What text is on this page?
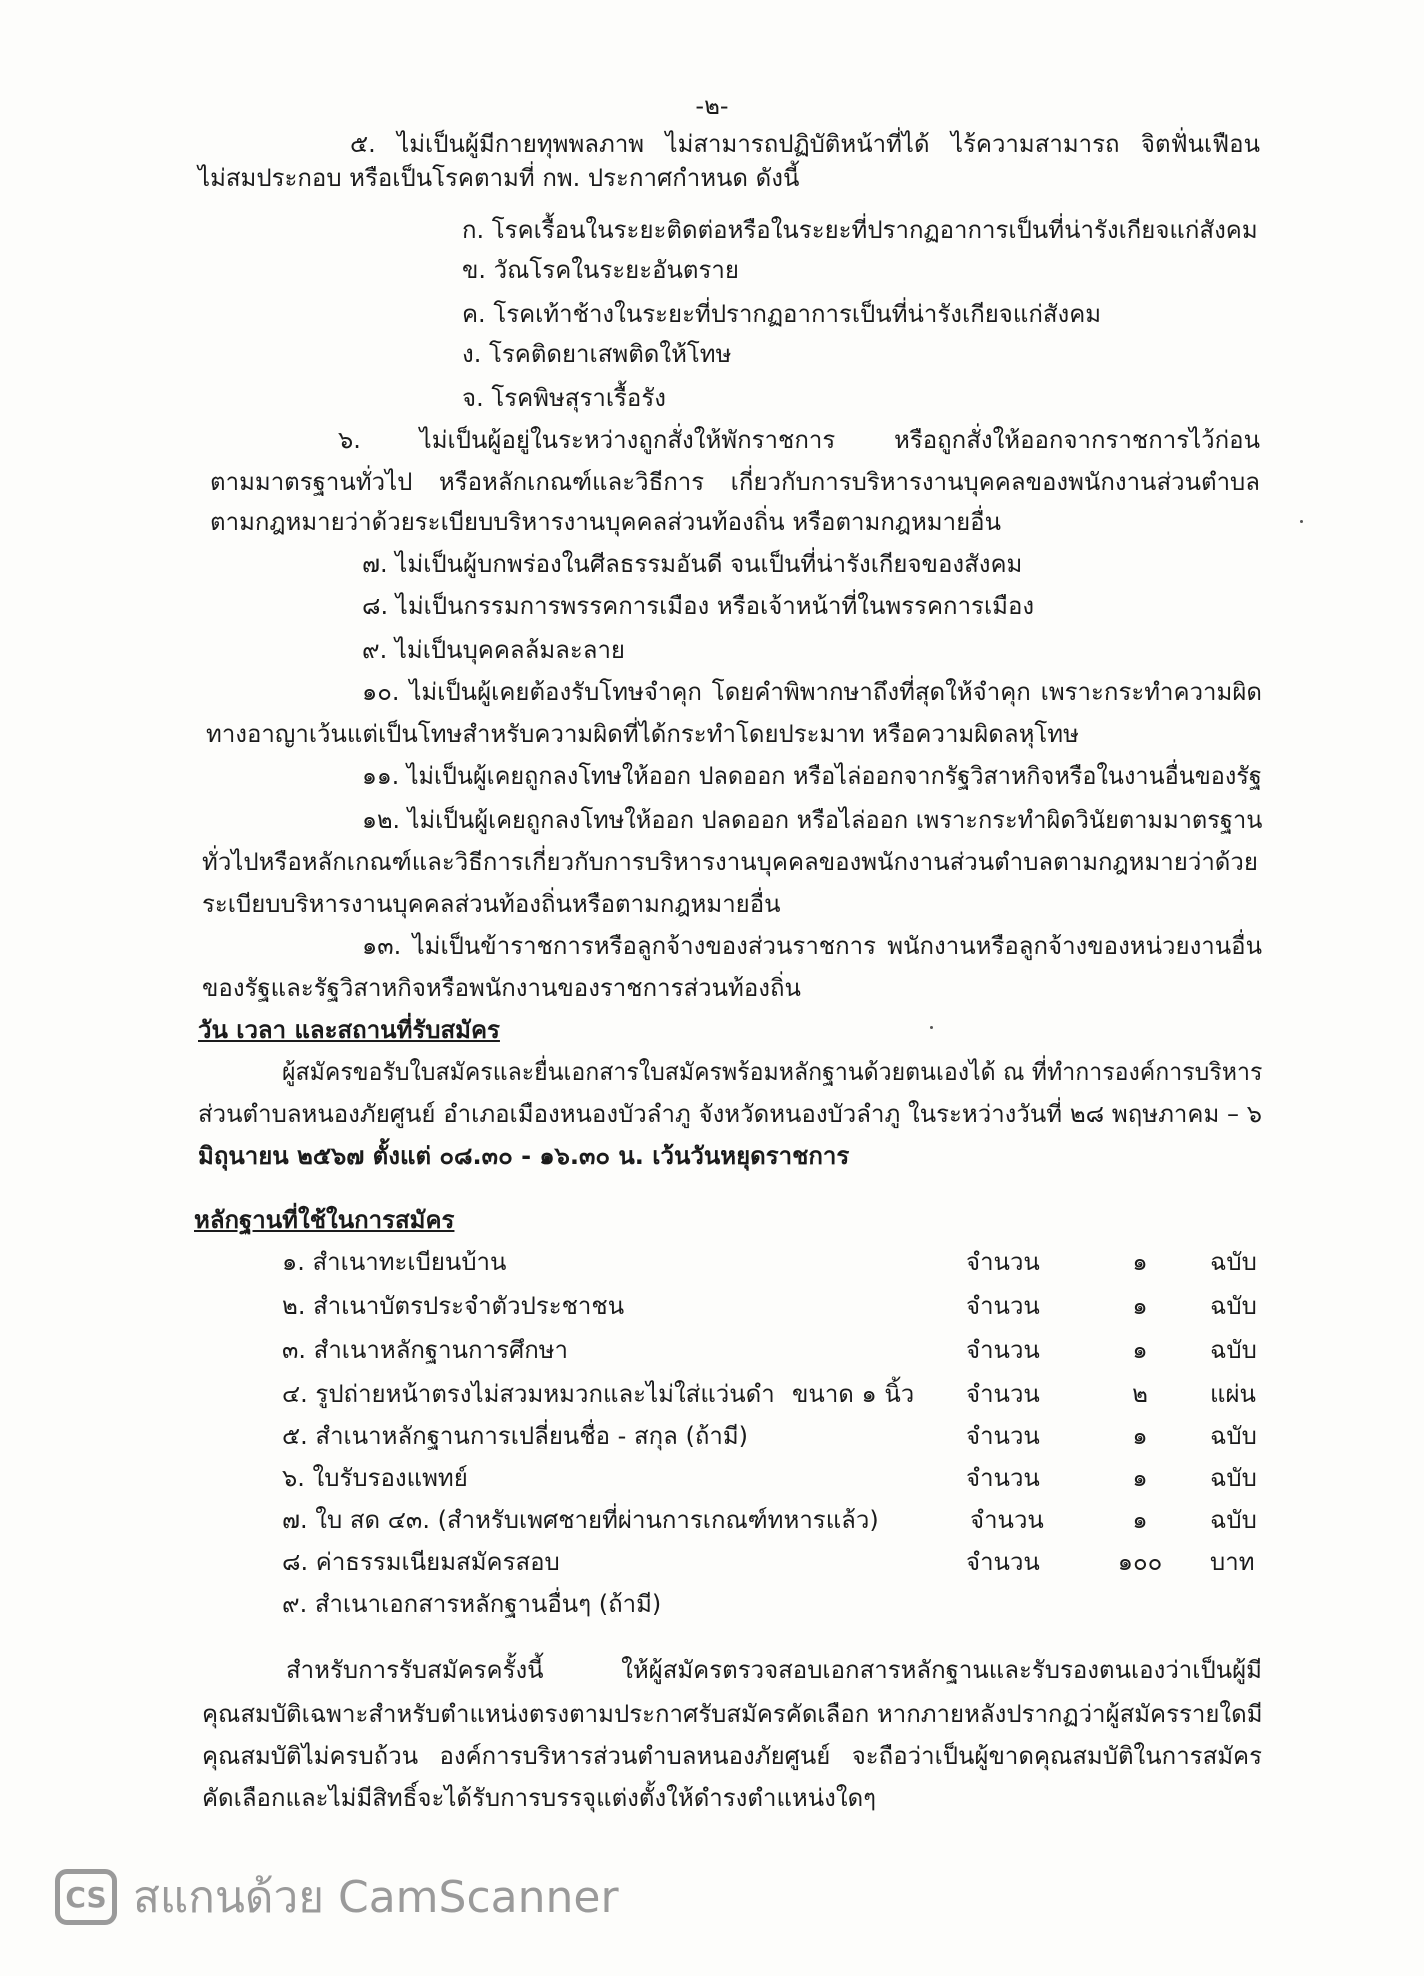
-๒-
๕. ไม่เป็นผู้มีกายทุพพลภาพ ไม่สามารถปฏิบัติหน้าที่ได้ ไร้ความสามารถ จิตฟั่นเฟือน
ไม่สมประกอบ หรือเป็นโรคตามที่ กพ. ประกาศกำหนด ดังนี้
ก. โรคเรื้อนในระยะติดต่อหรือในระยะที่ปรากฏอาการเป็นที่น่ารังเกียจแก่สังคม
ข. วัณโรคในระยะอันตราย
ค. โรคเท้าช้างในระยะที่ปรากฏอาการเป็นที่น่ารังเกียจแก่สังคม
ง. โรคติดยาเสพติดให้โทษ
จ. โรคพิษสุราเรื้อรัง
๖. ไม่เป็นผู้อยู่ในระหว่างถูกสั่งให้พักราชการ หรือถูกสั่งให้ออกจากราชการไว้ก่อน
ตามมาตรฐานทั่วไป หรือหลักเกณฑ์และวิธีการ เกี่ยวกับการบริหารงานบุคคลของพนักงานส่วนตำบล
ตามกฎหมายว่าด้วยระเบียบบริหารงานบุคคลส่วนท้องถิ่น หรือตามกฎหมายอื่น
๗. ไม่เป็นผู้บกพร่องในศีลธรรมอันดี จนเป็นที่น่ารังเกียจของสังคม
๘. ไม่เป็นกรรมการพรรคการเมือง หรือเจ้าหน้าที่ในพรรคการเมือง
๙. ไม่เป็นบุคคลล้มละลาย
๑๐. ไม่เป็นผู้เคยต้องรับโทษจำคุก โดยคำพิพากษาถึงที่สุดให้จำคุก เพราะกระทำความผิด
ทางอาญาเว้นแต่เป็นโทษสำหรับความผิดที่ได้กระทำโดยประมาท หรือความผิดลหุโทษ
๑๑. ไม่เป็นผู้เคยถูกลงโทษให้ออก ปลดออก หรือไล่ออกจากรัฐวิสาหกิจหรือในงานอื่นของรัฐ
๑๒. ไม่เป็นผู้เคยถูกลงโทษให้ออก ปลดออก หรือไล่ออก เพราะกระทำผิดวินัยตามมาตรฐาน
ทั่วไปหรือหลักเกณฑ์และวิธีการเกี่ยวกับการบริหารงานบุคคลของพนักงานส่วนตำบลตามกฎหมายว่าด้วย
ระเบียบบริหารงานบุคคลส่วนท้องถิ่นหรือตามกฎหมายอื่น
๑๓. ไม่เป็นข้าราชการหรือลูกจ้างของส่วนราชการ พนักงานหรือลูกจ้างของหน่วยงานอื่น
ของรัฐและรัฐวิสาหกิจหรือพนักงานของราชการส่วนท้องถิ่น
วัน เวลา และสถานที่รับสมัคร
ผู้สมัครขอรับใบสมัครและยื่นเอกสารใบสมัครพร้อมหลักฐานด้วยตนเองได้ ณ ที่ทำการองค์การบริหาร
ส่วนตำบลหนองภัยศูนย์ อำเภอเมืองหนองบัวลำภู จังหวัดหนองบัวลำภู ในระหว่างวันที่ ๒๘ พฤษภาคม – ๖
มิถุนายน ๒๕๖๗ ตั้งแต่ ๐๘.๓๐ - ๑๖.๓๐ น. เว้นวันหยุดราชการ
หลักฐานที่ใช้ในการสมัคร
๑. สำเนาทะเบียนบ้าน	จำนวน	๑	ฉบับ
๒. สำเนาบัตรประจำตัวประชาชน	จำนวน	๑	ฉบับ
๓. สำเนาหลักฐานการศึกษา	จำนวน	๑	ฉบับ
๔. รูปถ่ายหน้าตรงไม่สวมหมวกและไม่ใส่แว่นดำ ขนาด ๑ นิ้ว จำนวน	๒	แผ่น
๕. สำเนาหลักฐานการเปลี่ยนชื่อ - สกุล (ถ้ามี)	จำนวน	๑	ฉบับ
๖. ใบรับรองแพทย์	จำนวน	๑	ฉบับ
๗. ใบ สด ๔๓. (สำหรับเพศชายที่ผ่านการเกณฑ์ทหารแล้ว)	จำนวน	๑	ฉบับ
๘. ค่าธรรมเนียมสมัครสอบ	จำนวน	๑๐๐	บาท
๙. สำเนาเอกสารหลักฐานอื่นๆ (ถ้ามี)
สำหรับการรับสมัครครั้งนี้ ให้ผู้สมัครตรวจสอบเอกสารหลักฐานและรับรองตนเองว่าเป็นผู้มี
คุณสมบัติเฉพาะสำหรับตำแหน่งตรงตามประกาศรับสมัครคัดเลือก หากภายหลังปรากฏว่าผู้สมัครรายใดมี
คุณสมบัติไม่ครบถ้วน องค์การบริหารส่วนตำบลหนองภัยศูนย์ จะถือว่าเป็นผู้ขาดคุณสมบัติในการสมัคร
คัดเลือกและไม่มีสิทธิ์จะได้รับการบรรจุแต่งตั้งให้ดำรงตำแหน่งใดๆ
CS สแกนด้วย CamScanner
